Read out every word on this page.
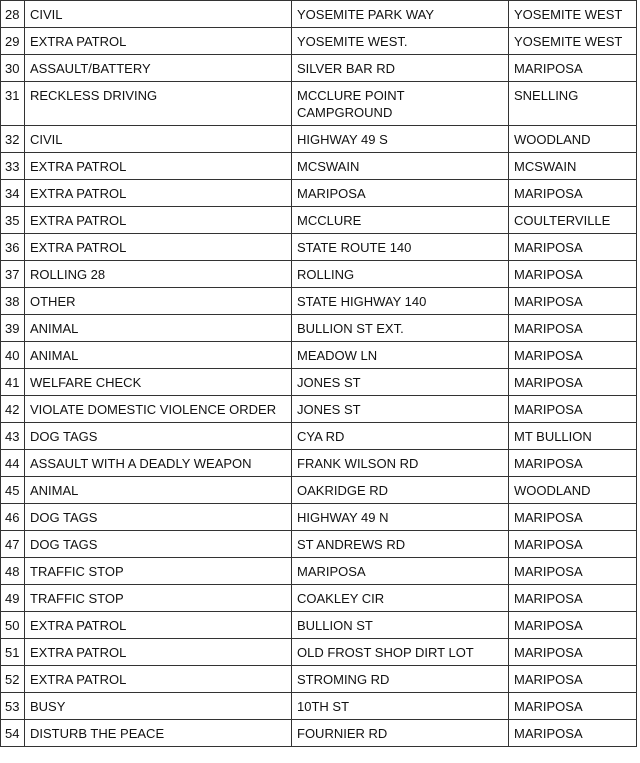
28	CIVIL	YOSEMITE PARK WAY	YOSEMITE WEST
29	EXTRA PATROL	YOSEMITE WEST.	YOSEMITE WEST
30	ASSAULT/BATTERY	SILVER BAR RD	MARIPOSA
31	RECKLESS DRIVING	MCCLURE POINT CAMPGROUND	SNELLING
32	CIVIL	HIGHWAY 49 S	WOODLAND
33	EXTRA PATROL	MCSWAIN	MCSWAIN
34	EXTRA PATROL	MARIPOSA	MARIPOSA
35	EXTRA PATROL	MCCLURE	COULTERVILLE
36	EXTRA PATROL	STATE ROUTE 140	MARIPOSA
37	ROLLING 28	ROLLING	MARIPOSA
38	OTHER	STATE HIGHWAY 140	MARIPOSA
39	ANIMAL	BULLION ST EXT.	MARIPOSA
40	ANIMAL	MEADOW LN	MARIPOSA
41	WELFARE CHECK	JONES ST	MARIPOSA
42	VIOLATE DOMESTIC VIOLENCE ORDER	JONES ST	MARIPOSA
43	DOG TAGS	CYA RD	MT BULLION
44	ASSAULT WITH A DEADLY WEAPON	FRANK WILSON RD	MARIPOSA
45	ANIMAL	OAKRIDGE RD	WOODLAND
46	DOG TAGS	HIGHWAY 49 N	MARIPOSA
47	DOG TAGS	ST ANDREWS RD	MARIPOSA
48	TRAFFIC STOP	MARIPOSA	MARIPOSA
49	TRAFFIC STOP	COAKLEY CIR	MARIPOSA
50	EXTRA PATROL	BULLION ST	MARIPOSA
51	EXTRA PATROL	OLD FROST SHOP DIRT LOT	MARIPOSA
52	EXTRA PATROL	STROMING RD	MARIPOSA
53	BUSY	10TH ST	MARIPOSA
54	DISTURB THE PEACE	FOURNIER RD	MARIPOSA
